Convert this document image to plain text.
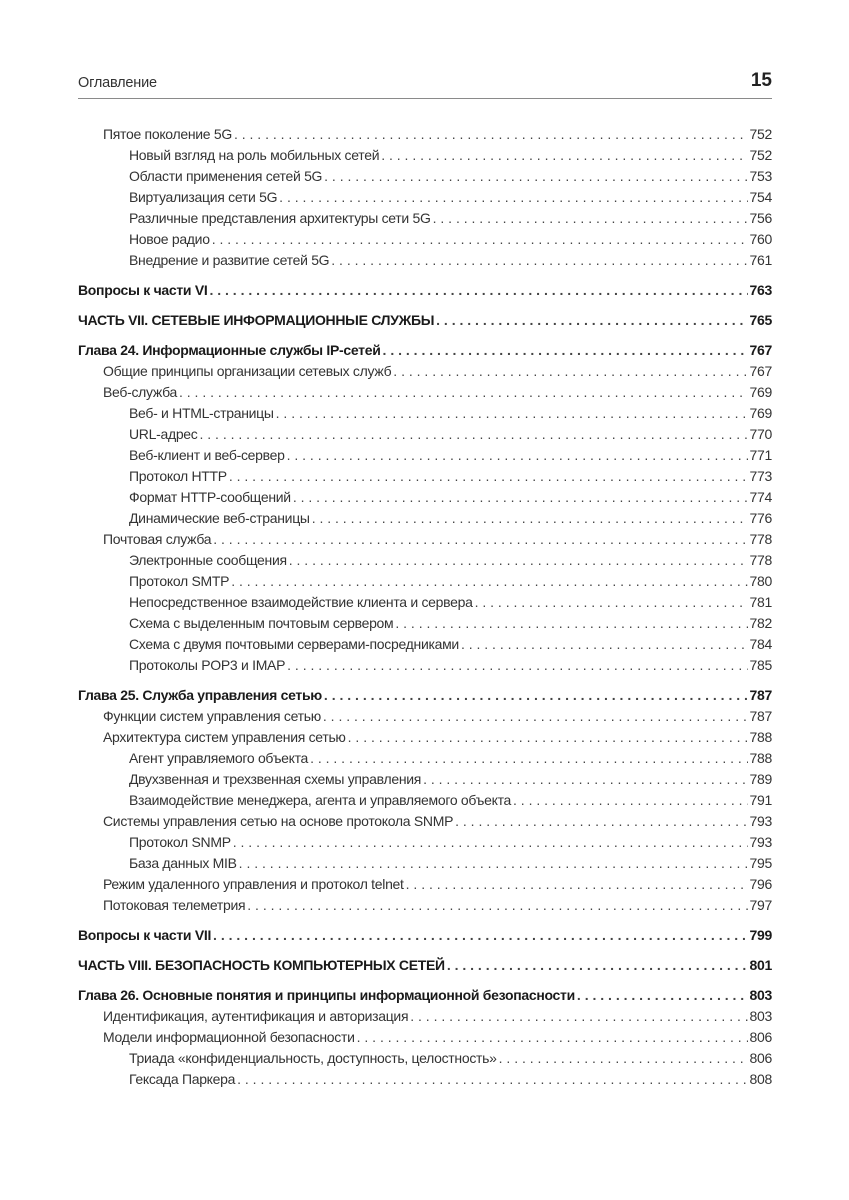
Оглавление	15
Пятое поколение 5G . . .	752
Новый взгляд на роль мобильных сетей . . .	752
Области применения сетей 5G . . .	753
Виртуализация сети 5G . . .	754
Различные представления архитектуры сети 5G . . .	756
Новое радио . . .	760
Внедрение и развитие сетей 5G . . .	761
Вопросы к части VI . . .	763
ЧАСТЬ VII. СЕТЕВЫЕ ИНФОРМАЦИОННЫЕ СЛУЖБЫ . . .	765
Глава 24. Информационные службы IP-сетей . . .	767
Общие принципы организации сетевых служб . . .	767
Веб-служба . . .	769
Веб- и HTML-страницы . . .	769
URL-адрес . . .	770
Веб-клиент и веб-сервер . . .	771
Протокол HTTP . . .	773
Формат HTTP-сообщений . . .	774
Динамические веб-страницы . . .	776
Почтовая служба . . .	778
Электронные сообщения . . .	778
Протокол SMTP . . .	780
Непосредственное взаимодействие клиента и сервера . . .	781
Схема с выделенным почтовым сервером . . .	782
Схема с двумя почтовыми серверами-посредниками . . .	784
Протоколы POP3 и IMAP . . .	785
Глава 25. Служба управления сетью . . .	787
Функции систем управления сетью . . .	787
Архитектура систем управления сетью . . .	788
Агент управляемого объекта . . .	788
Двухзвенная и трехзвенная схемы управления . . .	789
Взаимодействие менеджера, агента и управляемого объекта . . .	791
Системы управления сетью на основе протокола SNMP . . .	793
Протокол SNMP . . .	793
База данных MIB . . .	795
Режим удаленного управления и протокол telnet . . .	796
Потоковая телеметрия . . .	797
Вопросы к части VII . . .	799
ЧАСТЬ VIII. БЕЗОПАСНОСТЬ КОМПЬЮТЕРНЫХ СЕТЕЙ . . .	801
Глава 26. Основные понятия и принципы информационной безопасности . . .	803
Идентификация, аутентификация и авторизация . . .	803
Модели информационной безопасности . . .	806
Триада «конфиденциальность, доступность, целостность» . . .	806
Гексада Паркера . . .	808
